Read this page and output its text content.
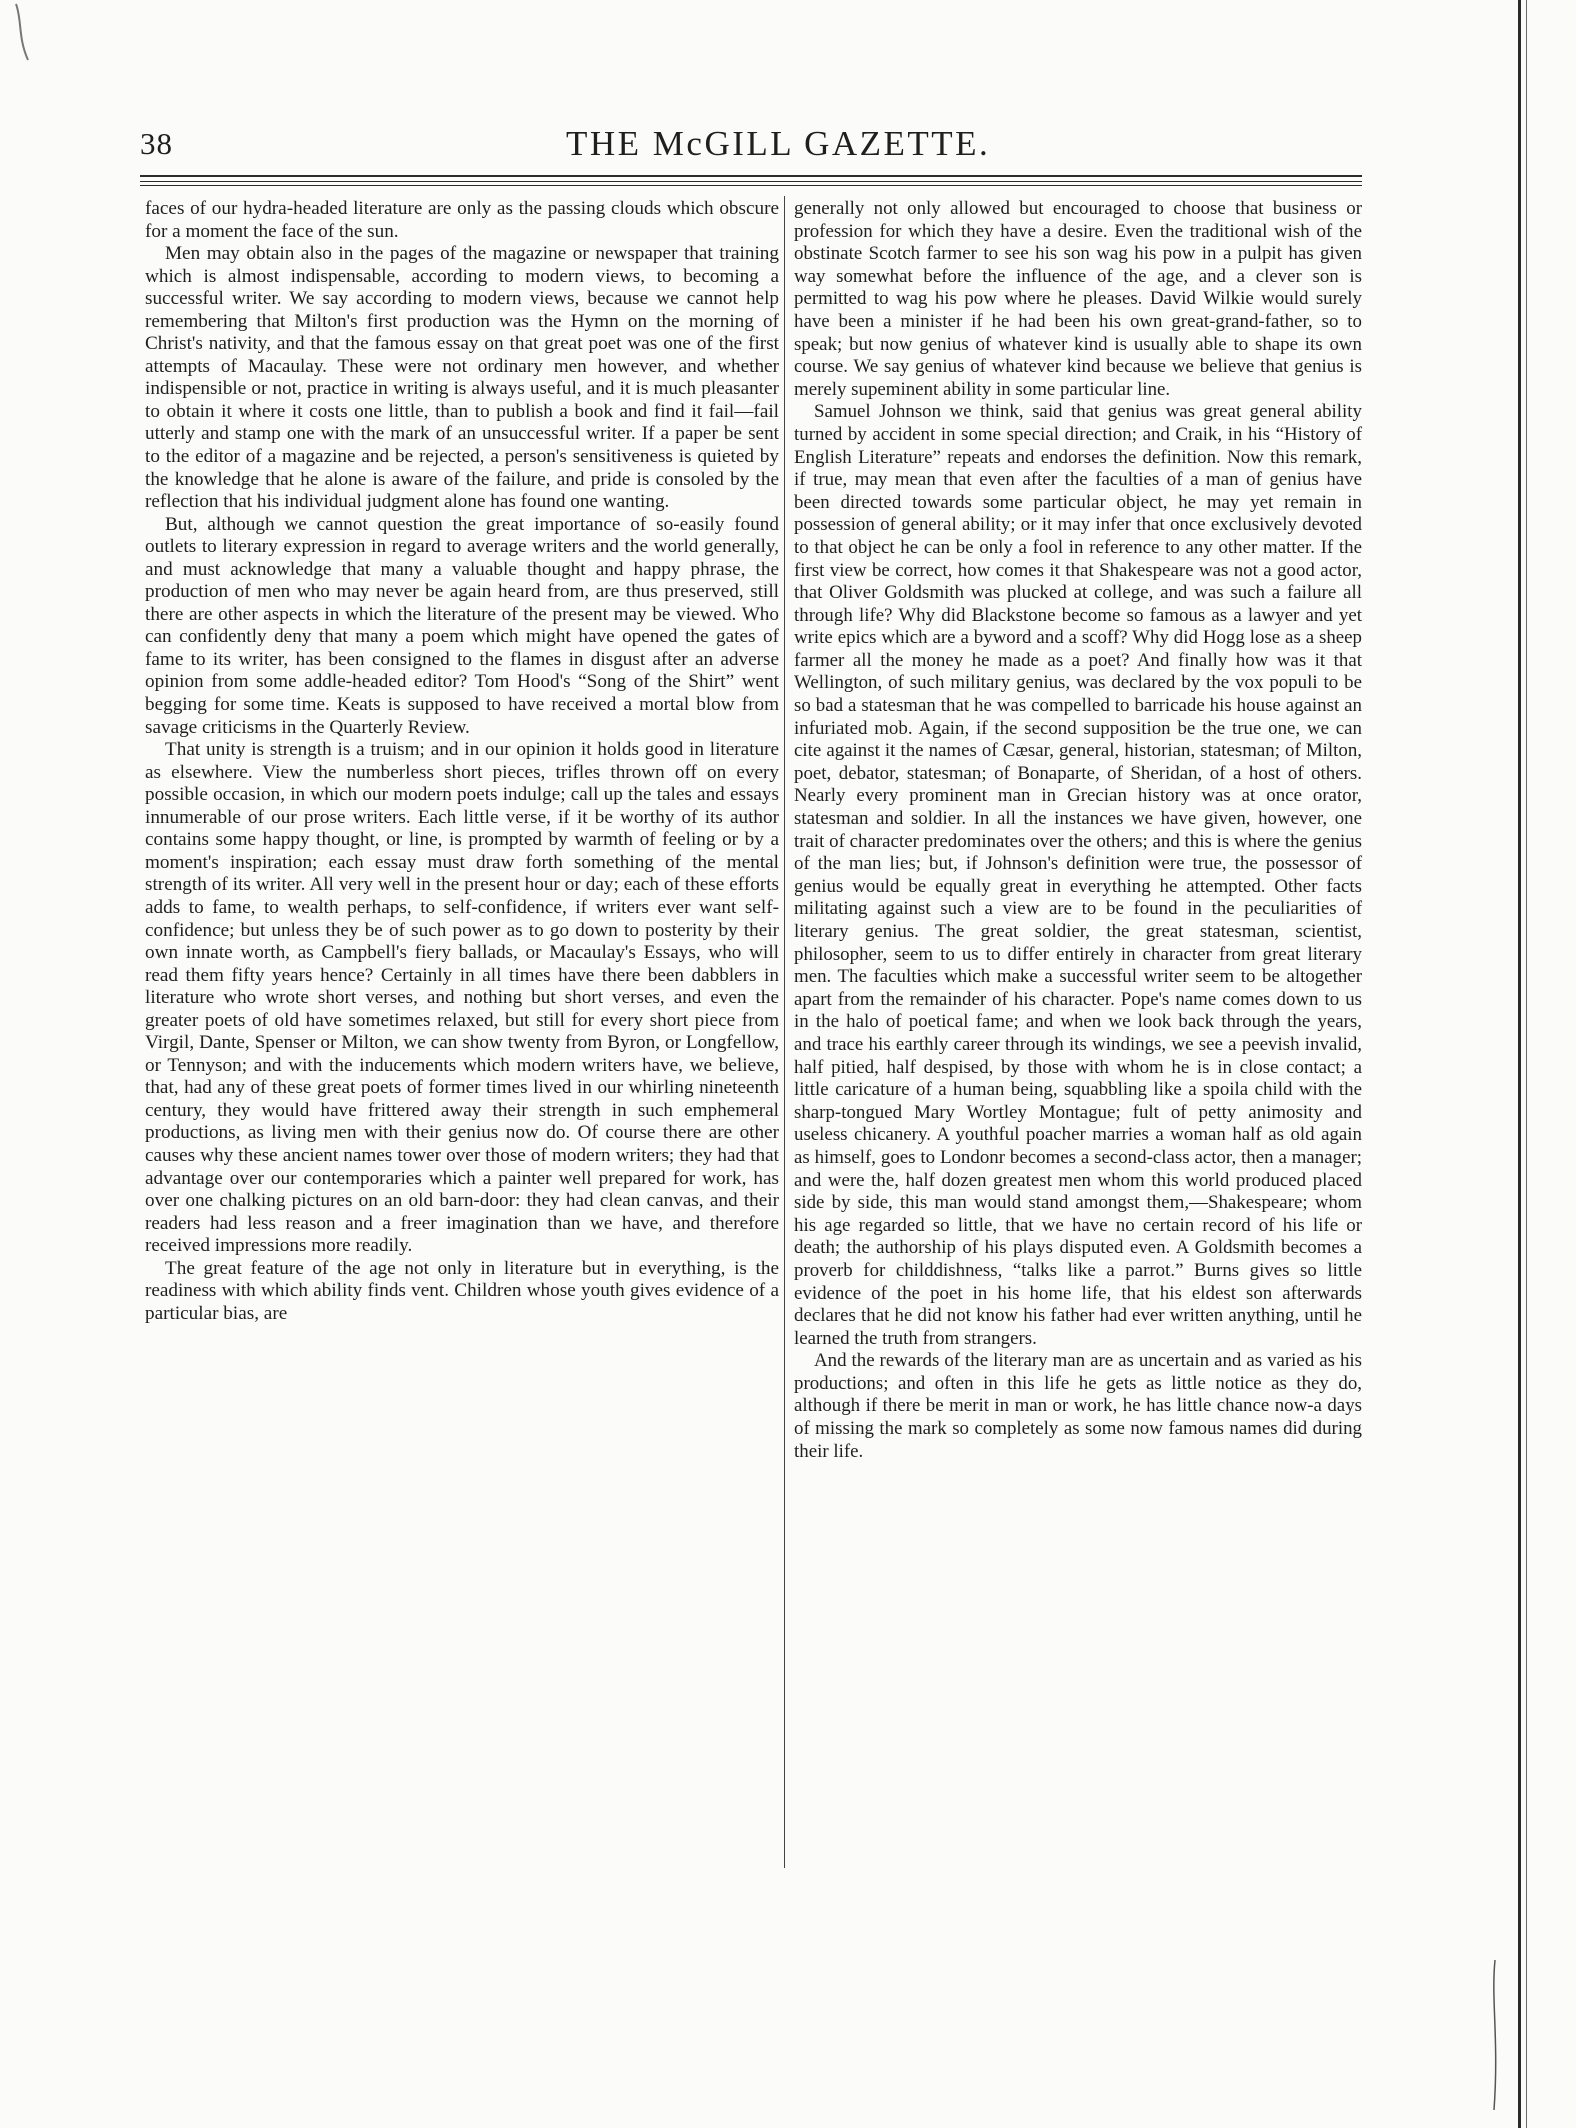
38	THE McGILL GAZETTE.

faces of our hydra-headed literature are only as the passing clouds which obscure for a moment the face of the sun.

Men may obtain also in the pages of the magazine or newspaper that training which is almost indispensable, according to modern views, to becoming a successful writer. We say according to modern views, because we cannot help remembering that Milton's first production was the Hymn on the morning of Christ's nativity, and that the famous essay on that great poet was one of the first attempts of Macaulay. These were not ordinary men however, and whether indispensible or not, practice in writing is always useful, and it is much pleasanter to obtain it where it costs one little, than to publish a book and find it fail—fail utterly and stamp one with the mark of an unsuccessful writer. If a paper be sent to the editor of a magazine and be rejected, a person's sensitiveness is quieted by the knowledge that he alone is aware of the failure, and pride is consoled by the reflection that his individual judgment alone has found one wanting.

But, although we cannot question the great importance of so-easily found outlets to literary expression in regard to average writers and the world generally, and must acknowledge that many a valuable thought and happy phrase, the production of men who may never be again heard from, are thus preserved, still there are other aspects in which the literature of the present may be viewed. Who can confidently deny that many a poem which might have opened the gates of fame to its writer, has been consigned to the flames in disgust after an adverse opinion from some addle-headed editor? Tom Hood's “Song of the Shirt” went begging for some time. Keats is supposed to have received a mortal blow from savage criticisms in the Quarterly Review.

That unity is strength is a truism; and in our opinion it holds good in literature as elsewhere. View the numberless short pieces, trifles thrown off on every possible occasion, in which our modern poets indulge; call up the tales and essays innumerable of our prose writers. Each little verse, if it be worthy of its author contains some happy thought, or line, is prompted by warmth of feeling or by a moment's inspiration; each essay must draw forth something of the mental strength of its writer. All very well in the present hour or day; each of these efforts adds to fame, to wealth perhaps, to self-confidence, if writers ever want self-confidence; but unless they be of such power as to go down to posterity by their own innate worth, as Campbell's fiery ballads, or Macaulay's Essays, who will read them fifty years hence? Certainly in all times have there been dabblers in literature who wrote short verses, and nothing but short verses, and even the greater poets of old have sometimes relaxed, but still for every short piece from Virgil, Dante, Spenser or Milton, we can show twenty from Byron, or Longfellow, or Tennyson; and with the inducements which modern writers have, we believe, that, had any of these great poets of former times lived in our whirling nineteenth century, they would have frittered away their strength in such emphemeral productions, as living men with their genius now do. Of course there are other causes why these ancient names tower over those of modern writers; they had that advantage over our contemporaries which a painter well prepared for work, has over one chalking pictures on an old barn-door: they had clean canvas, and their readers had less reason and a freer imagination than we have, and therefore received impressions more readily.

The great feature of the age not only in literature but in everything, is the readiness with which ability finds vent. Children whose youth gives evidence of a particular bias, are

generally not only allowed but encouraged to choose that business or profession for which they have a desire. Even the traditional wish of the obstinate Scotch farmer to see his son wag his pow in a pulpit has given way somewhat before the influence of the age, and a clever son is permitted to wag his pow where he pleases. David Wilkie would surely have been a minister if he had been his own great-grand-father, so to speak; but now genius of whatever kind is usually able to shape its own course. We say genius of whatever kind because we believe that genius is merely supeminent ability in some particular line.

Samuel Johnson we think, said that genius was great general ability turned by accident in some special direction; and Craik, in his “History of English Literature” repeats and endorses the definition. Now this remark, if true, may mean that even after the faculties of a man of genius have been directed towards some particular object, he may yet remain in possession of general ability; or it may infer that once exclusively devoted to that object he can be only a fool in reference to any other matter. If the first view be correct, how comes it that Shakespeare was not a good actor, that Oliver Goldsmith was plucked at college, and was such a failure all through life? Why did Blackstone become so famous as a lawyer and yet write epics which are a byword and a scoff? Why did Hogg lose as a sheep farmer all the money he made as a poet? And finally how was it that Wellington, of such military genius, was declared by the vox populi to be so bad a statesman that he was compelled to barricade his house against an infuriated mob. Again, if the second supposition be the true one, we can cite against it the names of Cæsar, general, historian, statesman; of Milton, poet, debator, statesman; of Bonaparte, of Sheridan, of a host of others. Nearly every prominent man in Grecian history was at once orator, statesman and soldier. In all the instances we have given, however, one trait of character predominates over the others; and this is where the genius of the man lies; but, if Johnson's definition were true, the possessor of genius would be equally great in everything he attempted. Other facts militating against such a view are to be found in the peculiarities of literary genius. The great soldier, the great statesman, scientist, philosopher, seem to us to differ entirely in character from great literary men. The faculties which make a successful writer seem to be altogether apart from the remainder of his character. Pope's name comes down to us in the halo of poetical fame; and when we look back through the years, and trace his earthly career through its windings, we see a peevish invalid, half pitied, half despised, by those with whom he is in close contact; a little caricature of a human being, squabbling like a spoila child with the sharp-tongued Mary Wortley Montague; fult of petty animosity and useless chicanery. A youthful poacher marries a woman half as old again as himself, goes to Londonr becomes a second-class actor, then a manager; and were the, half dozen greatest men whom this world produced placed side by side, this man would stand amongst them,—Shakespeare; whom his age regarded so little, that we have no certain record of his life or death; the authorship of his plays disputed even. A Goldsmith becomes a proverb for childdishness, “talks like a parrot.” Burns gives so little evidence of the poet in his home life, that his eldest son afterwards declares that he did not know his father had ever written anything, until he learned the truth from strangers.

And the rewards of the literary man are as uncertain and as varied as his productions; and often in this life he gets as little notice as they do, although if there be merit in man or work, he has little chance now-a days of missing the mark so completely as some now famous names did during their life.
